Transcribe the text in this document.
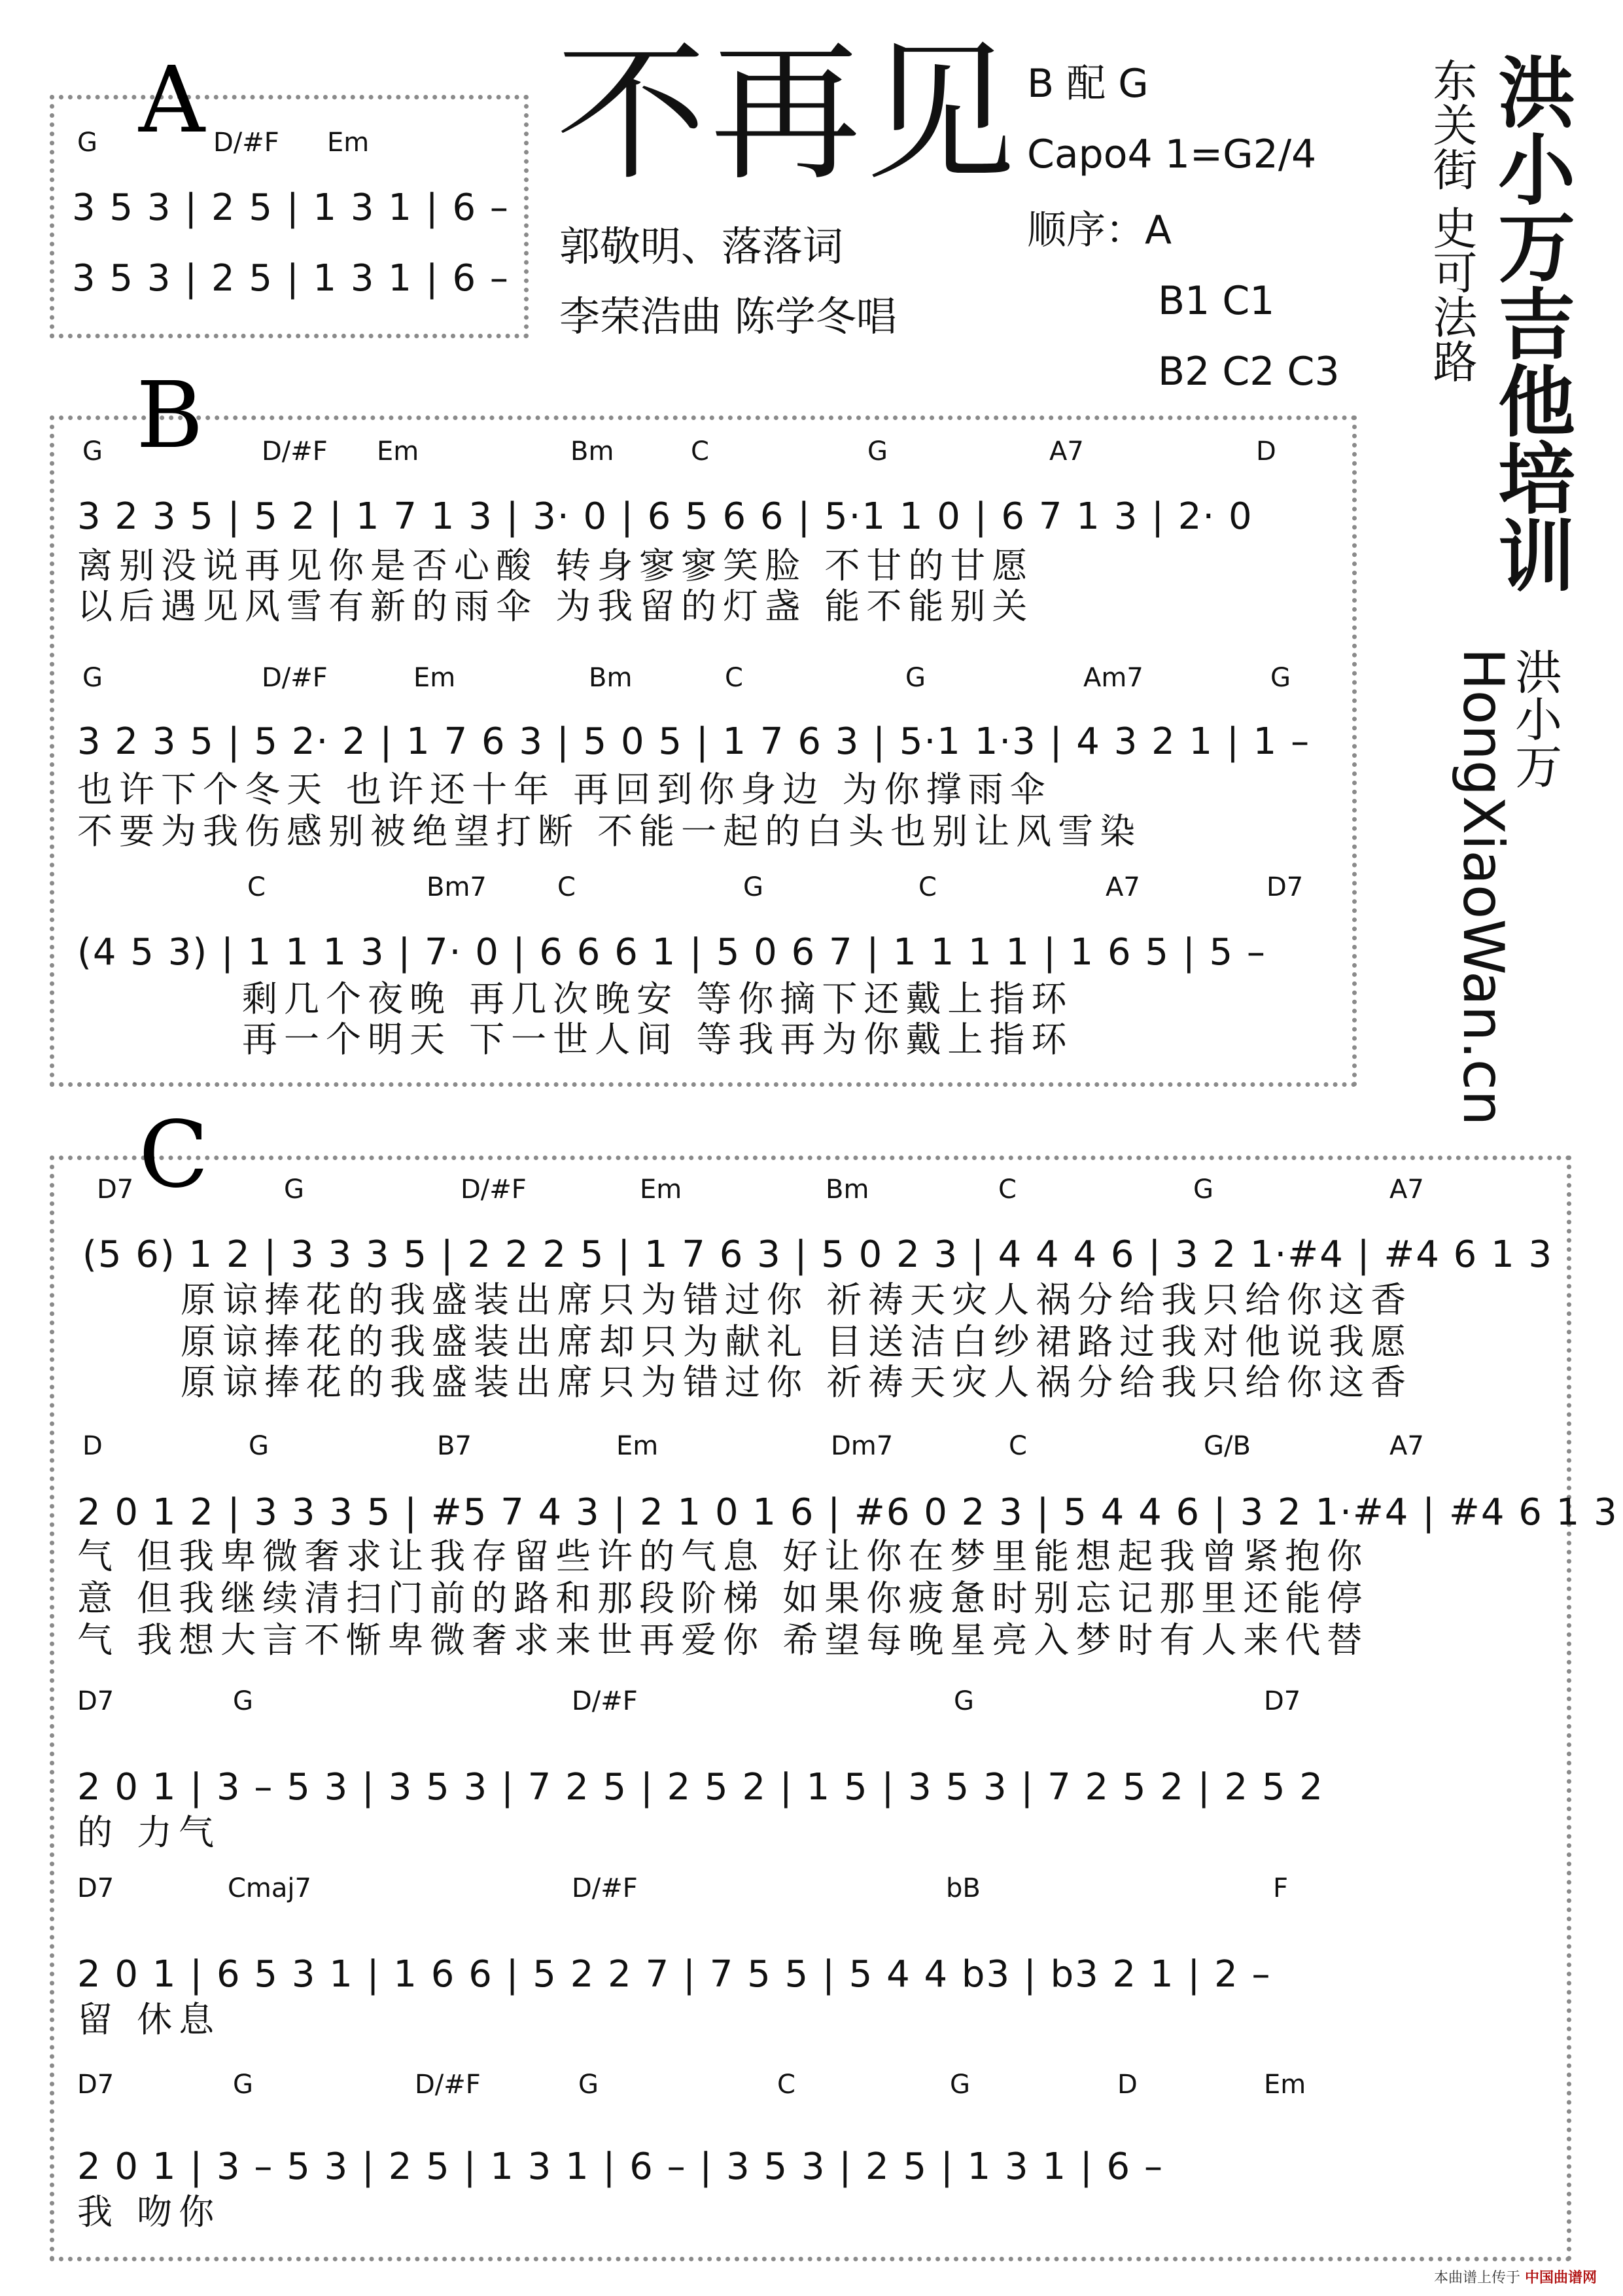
A
G	D/#F Em
3 5 3 | 2 5 | 1 3 1 | 6 –
3 5 3 | 2 5 | 1 3 1 | 6 –
不再见
郭敬明、落落词
李荣浩曲 陈学冬唱
B 配 G
Capo4 1=G2/4
顺序：A
B1 C1
B2 C2 C3 洪小万吉他培训
东关街 史可法路
洪小万
HongXiaoWan.cn
B
G	D/#F Em	Bm	C	G	A7	D
3 2 3 5 | 5 2 | 1 7 1 3 | 3· 0 | 6 5 6 6 | 5·1 1 0 | 6 7 1 3 | 2· 0
离别没说再见你是否心酸 转身寥寥笑脸 不甘的甘愿
以后遇见风雪有新的雨伞 为我留的灯盏 能不能别关
G	D/#F	Em	Bm	C	G	Am7	G
3 2 3 5 | 5 2· 2 | 1 7 6 3 | 5 0 5 | 1 7 6 3 | 5·1 1·3 | 4 3 2 1 | 1 –
也许下个冬天 也许还十年 再回到你身边 为你撑雨伞
不要为我伤感别被绝望打断 不能一起的白头也别让风雪染
C	Bm7	C	G	C	A7	D7
(4 5 3) | 1 1 1 3 | 7· 0 | 6 6 6 1 | 5 0 6 7 | 1 1 1 1 | 1 6 5 | 5 –
剩几个夜晚 再几次晚安 等你摘下还戴上指环
再一个明天 下一世人间 等我再为你戴上指环
C
D7	G	D/#F	Em	Bm	C	G	A7
(5 6) 1 2 | 3 3 3 5 | 2 2 2 5 | 1 7 6 3 | 5 0 2 3 | 4 4 4 6 | 3 2 1·#4 | #4 6 1 3
原谅捧花的我盛装出席只为错过你 祈祷天灾人祸分给我只给你这香
原谅捧花的我盛装出席却只为献礼 目送洁白纱裙路过我对他说我愿
原谅捧花的我盛装出席只为错过你 祈祷天灾人祸分给我只给你这香
D	G	B7	Em	Dm7	C	G/B	A7
2 0 1 2 | 3 3 3 5 | #5 7 4 3 | 2 1 0 1 6 | #6 0 2 3 | 5 4 4 6 | 3 2 1·#4 | #4 6 1 3
气 但我卑微奢求让我存留些许的气息 好让你在梦里能想起我曾紧抱你
意 但我继续清扫门前的路和那段阶梯 如果你疲惫时别忘记那里还能停
气 我想大言不惭卑微奢求来世再爱你 希望每晚星亮入梦时有人来代替
D7	G	D/#F	G	D7
2 0 1 | 3 – 5 3 | 3 5 3 | 7 2 5 | 2 5 2 | 1 5 | 3 5 3 | 7 2 5 2 | 2 5 2
的 力气
D7	Cmaj7	D/#F	bB	F
2 0 1 | 6 5 3 1 | 1 6 6 | 5 2 2 7 | 7 5 5 | 5 4 4 b3 | b3 2 1 | 2 –
留 休息
D7	G	D/#F	G	C	G	D	Em
2 0 1 | 3 – 5 3 | 2 5 | 1 3 1 | 6 – | 3 5 3 | 2 5 | 1 3 1 | 6 –
我 吻你
本曲谱上传于 中国曲谱网
